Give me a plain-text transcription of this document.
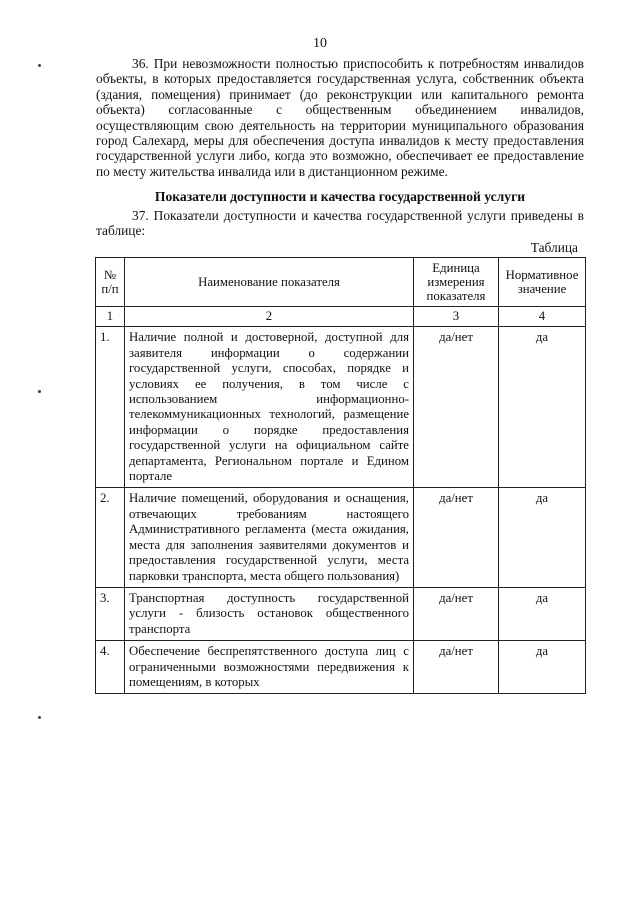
10

36. При невозможности полностью приспособить к потребностям инвалидов объекты, в которых предоставляется государственная услуга, собственник объекта (здания, помещения) принимает (до реконструкции или капитального ремонта объекта) согласованные с общественным объединением инвалидов, осуществляющим свою деятельность на территории муниципального образования город Салехард, меры для обеспечения доступа инвалидов к месту предоставления государственной услуги либо, когда это возможно, обеспечивает ее предоставление по месту жительства инвалида или в дистанционном режиме.

Показатели доступности и качества государственной услуги

37. Показатели доступности и качества государственной услуги приведены в таблице:

Таблица
№ п/п	Наименование показателя	Единица измерения показателя	Нормативное значение
1	2	3	4
1.	Наличие полной и достоверной, доступной для заявителя информации о содержании государственной услуги, способах, порядке и условиях ее получения, в том числе с использованием информационно-телекоммуникационных технологий, размещение информации о порядке предоставления государственной услуги на официальном сайте департамента, Региональном портале и Едином портале	да/нет	да
2.	Наличие помещений, оборудования и оснащения, отвечающих требованиям настоящего Административного регламента (места ожидания, места для заполнения заявителями документов и предоставления государственной услуги, места парковки транспорта, места общего пользования)	да/нет	да
3.	Транспортная доступность государственной услуги - близость остановок общественного транспорта	да/нет	да
4.	Обеспечение беспрепятственного доступа лиц с ограниченными возможностями передвижения к помещениям, в которых	да/нет	да
